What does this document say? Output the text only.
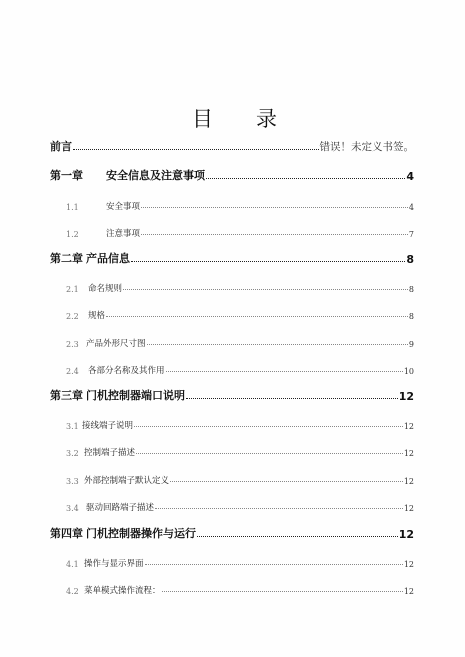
目 录
前言	错误！未定义书签。
第一章	安全信息及注意事项	4
1.1	安全事项	4
1.2	注意事项	7
第二章 产品信息	8
2.1	命名规则	8
2.2	规格	8
2.3 产品外形尺寸图	9
2.4	各部分名称及其作用	10
第三章 门机控制器端口说明	12
3.1 接线端子说明	12
3.2 控制端子描述	12
3.3 外部控制端子默认定义	12
3.4 驱动回路端子描述	12
第四章 门机控制器操作与运行	12
4.1 操作与显示界面	12
4.2 菜单模式操作流程：	12
